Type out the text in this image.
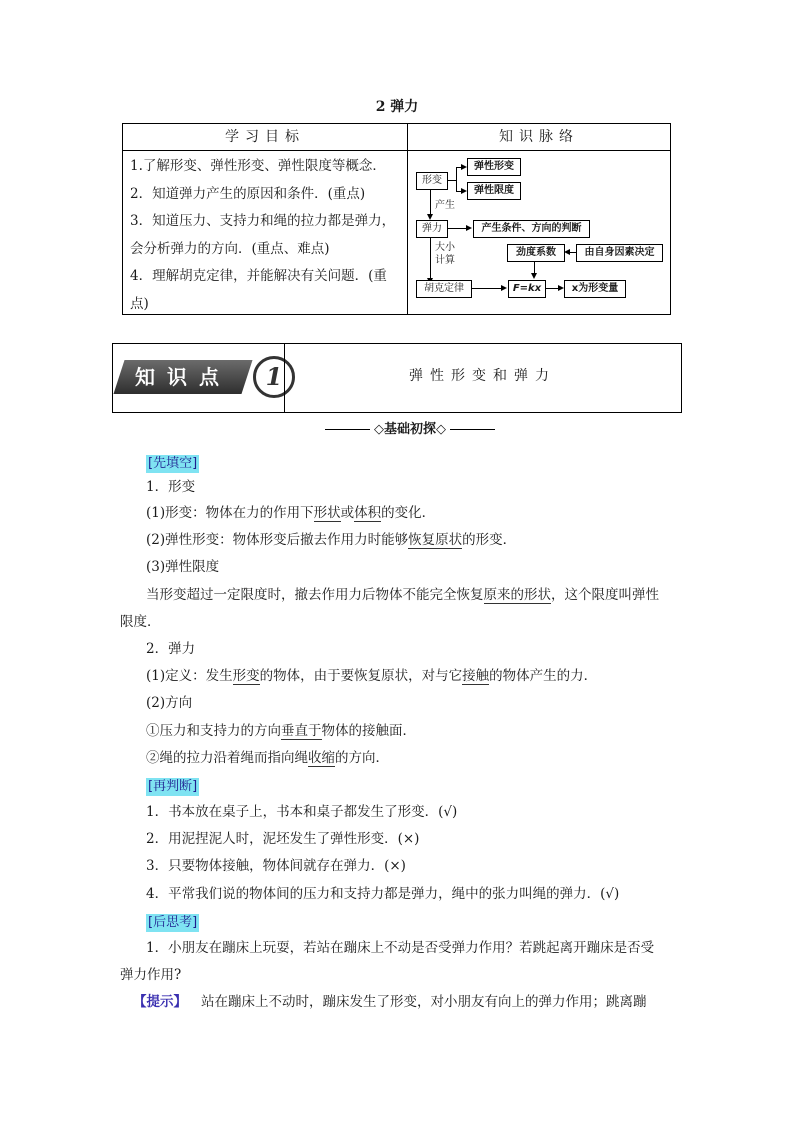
2 弹力
学习目标	知识脉络

1.了解形变、弹性形变、弹性限度等概念．

2．知道弹力产生的原因和条件．(重点)

3．知道压力、支持力和绳的拉力都是弹力，

会分析弹力的方向．(重点、难点)

4．理解胡克定律，并能解决有关问题．(重

点)

形变
弹性形变
弹性限度
产生
弹力	产生条件、方向的判断
劲度系数	由自身因素决定
大小
计算
胡克定律	F=kx	x为形变量
知识点	1	弹性形变和弹力
◇基础初探◇
[先填空]
1．形变
(1)形变：物体在力的作用下形状或体积的变化．
(2)弹性形变：物体形变后撤去作用力时能够恢复原状的形变．
(3)弹性限度
当形变超过一定限度时，撤去作用力后物体不能完全恢复原来的形状，这个限度叫弹性
限度．
2．弹力
(1)定义：发生形变的物体，由于要恢复原状，对与它接触的物体产生的力．
(2)方向
①压力和支持力的方向垂直于物体的接触面．
②绳的拉力沿着绳而指向绳收缩的方向．
[再判断]
1．书本放在桌子上，书本和桌子都发生了形变．(√)
2．用泥捏泥人时，泥坯发生了弹性形变．(×)
3．只要物体接触，物体间就存在弹力．(×)
4．平常我们说的物体间的压力和支持力都是弹力，绳中的张力叫绳的弹力．(√)
[后思考]
1．小朋友在蹦床上玩耍，若站在蹦床上不动是否受弹力作用？若跳起离开蹦床是否受
弹力作用?
【提示】 站在蹦床上不动时，蹦床发生了形变，对小朋友有向上的弹力作用；跳离蹦
